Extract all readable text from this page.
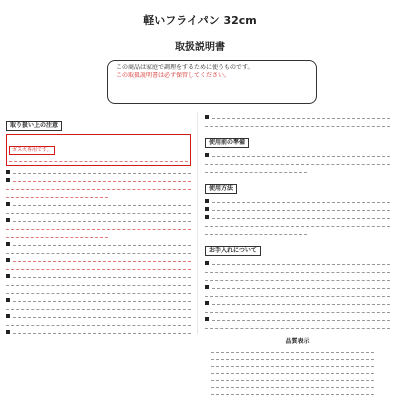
軽いフライパン 32cm
取扱説明書
この商品は家庭で調理をするために使うものです。
この取扱説明書は必ず保管してください。
取り扱い上の注意
ガス火専用です。
使用前の準備
使用方法
お手入れについて
品質表示
